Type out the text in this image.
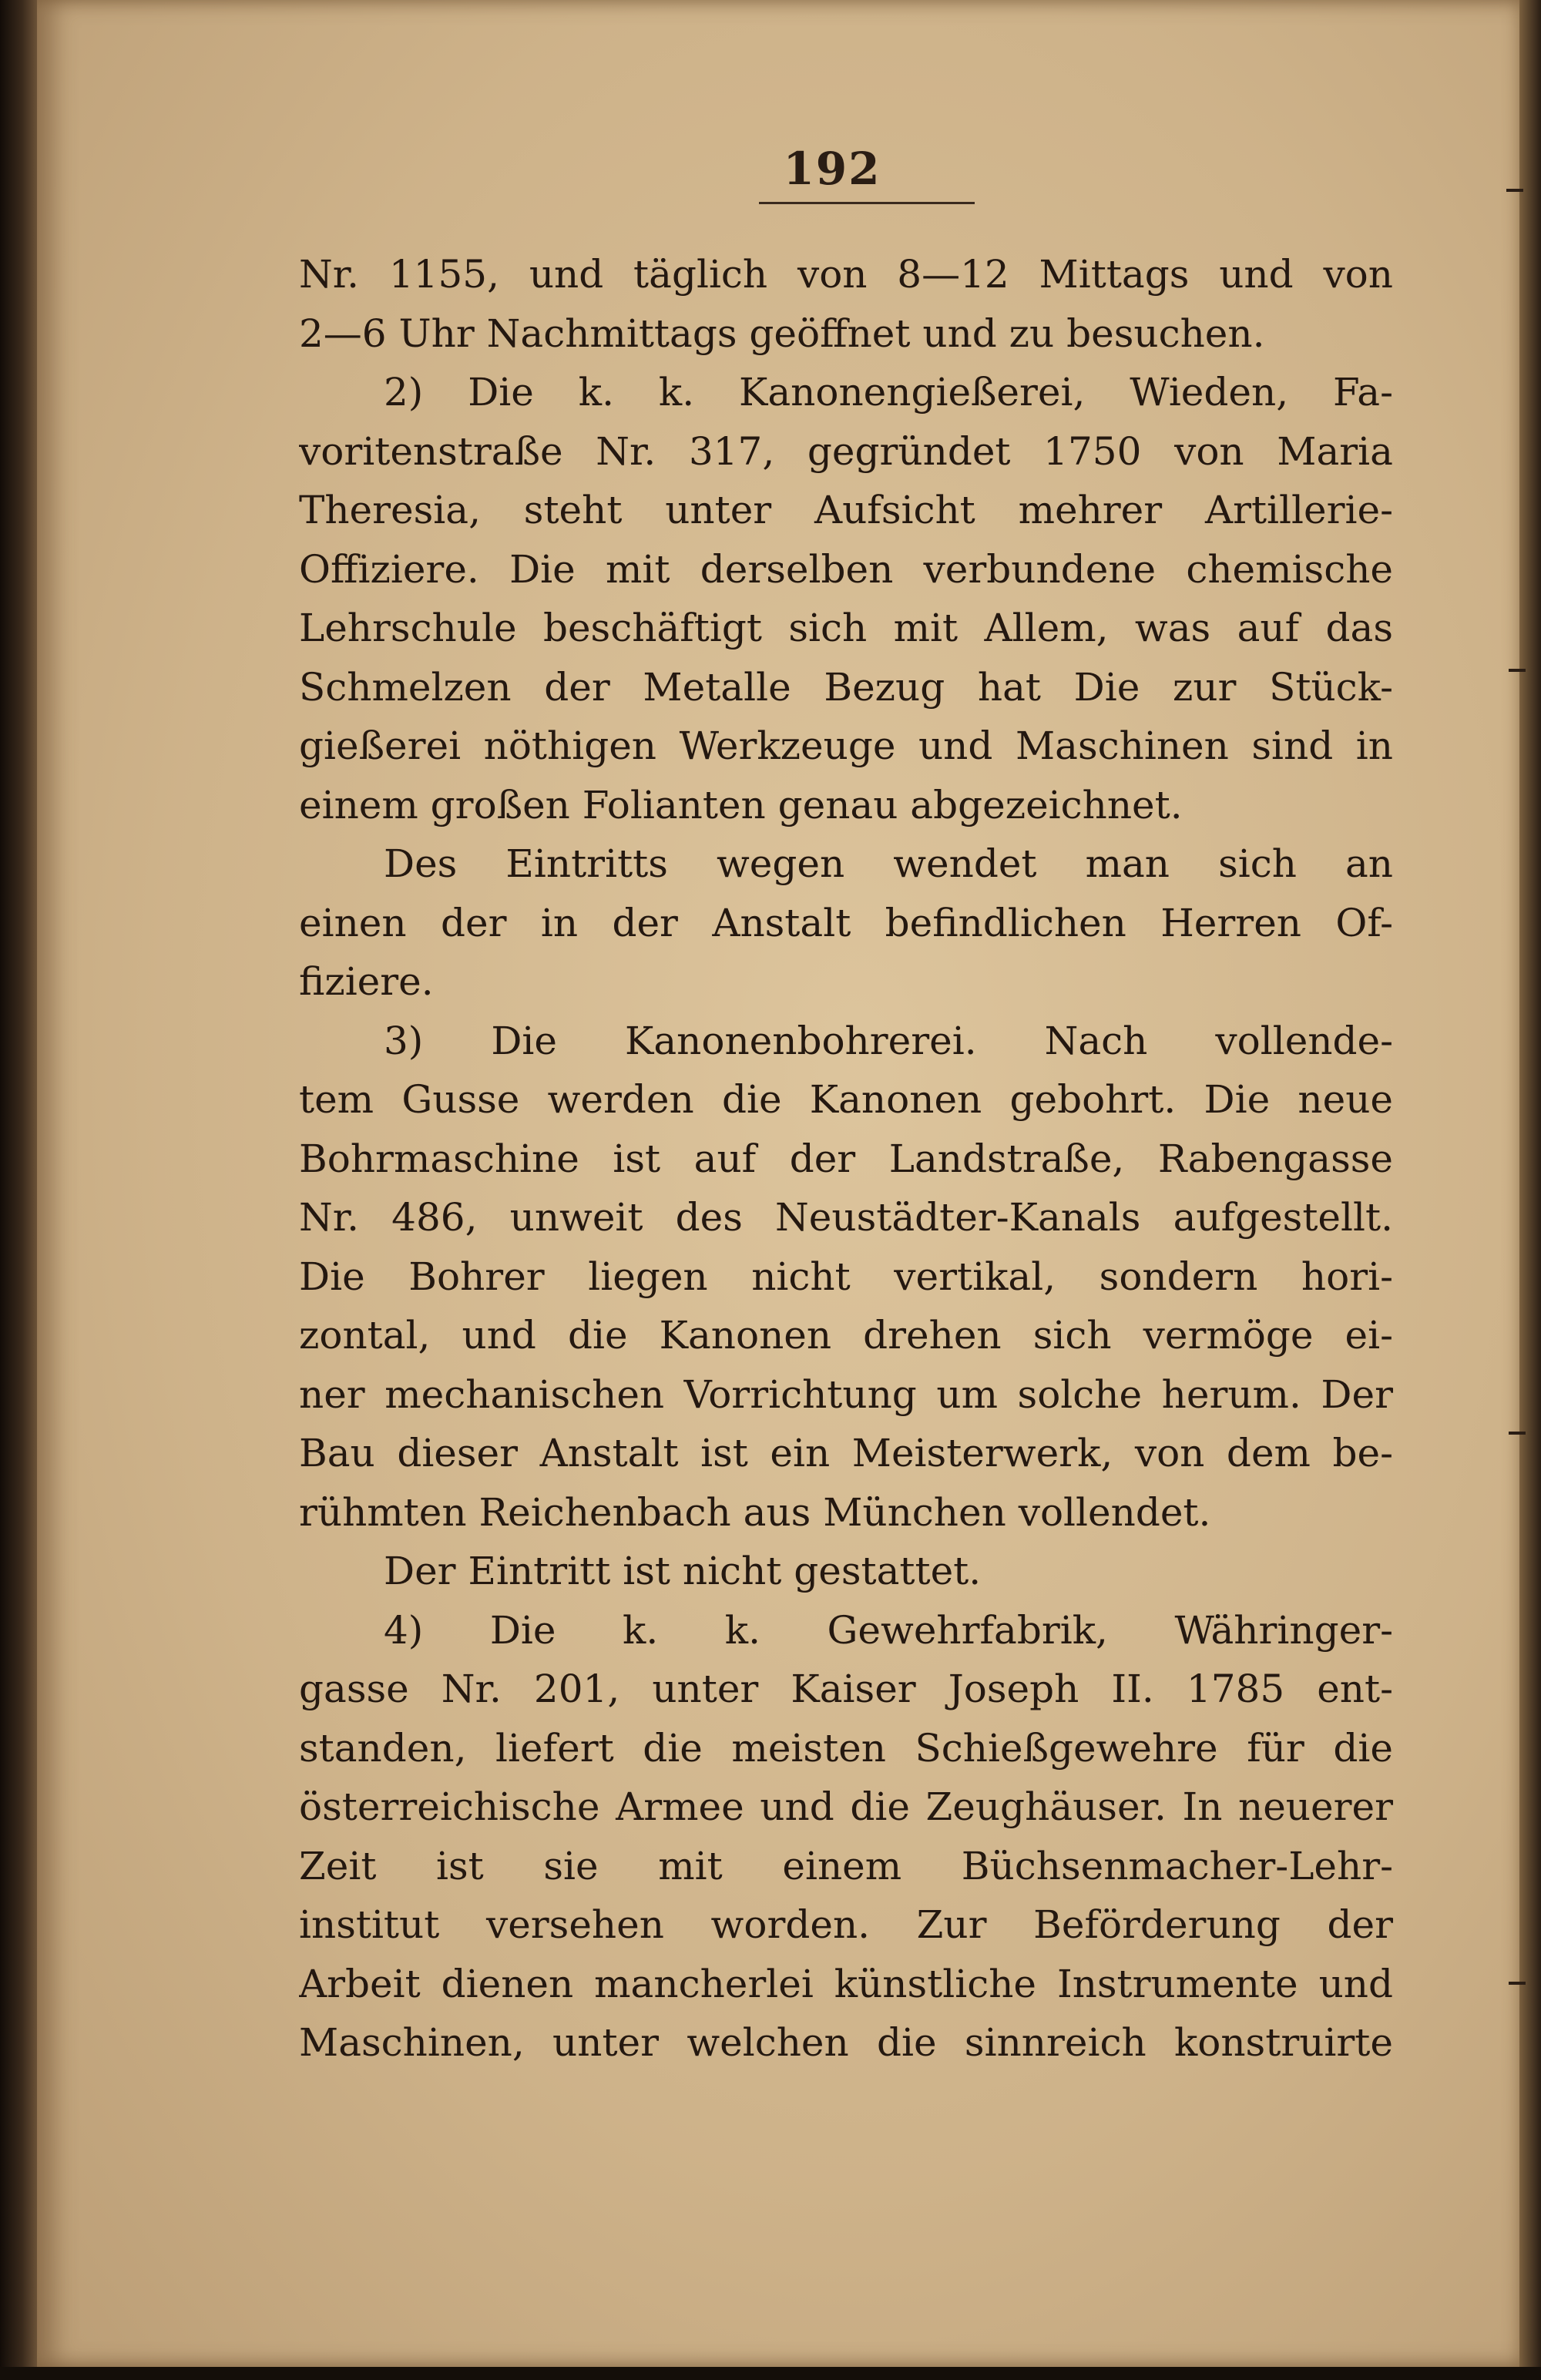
192
Nr. 1155, und täglich von 8—12 Mittags und von
2—6 Uhr Nachmittags geöffnet und zu besuchen.
2) Die k. k. Kanonengießerei, Wieden, Fa-
voritenstraße Nr. 317, gegründet 1750 von Maria
Theresia, steht unter Aufsicht mehrer Artillerie-
Offiziere. Die mit derselben verbundene chemische
Lehrschule beschäftigt sich mit Allem, was auf das
Schmelzen der Metalle Bezug hat Die zur Stück-
gießerei nöthigen Werkzeuge und Maschinen sind in
einem großen Folianten genau abgezeichnet.
Des Eintritts wegen wendet man sich an
einen der in der Anstalt befindlichen Herren Of-
fiziere.
3) Die Kanonenbohrerei. Nach vollende-
tem Gusse werden die Kanonen gebohrt. Die neue
Bohrmaschine ist auf der Landstraße, Rabengasse
Nr. 486, unweit des Neustädter-Kanals aufgestellt.
Die Bohrer liegen nicht vertikal, sondern hori-
zontal, und die Kanonen drehen sich vermöge ei-
ner mechanischen Vorrichtung um solche herum. Der
Bau dieser Anstalt ist ein Meisterwerk, von dem be-
rühmten Reichenbach aus München vollendet.
Der Eintritt ist nicht gestattet.
4) Die k. k. Gewehrfabrik, Währinger-
gasse Nr. 201, unter Kaiser Joseph II. 1785 ent-
standen, liefert die meisten Schießgewehre für die
österreichische Armee und die Zeughäuser. In neuerer
Zeit ist sie mit einem Büchsenmacher-Lehr-
institut versehen worden. Zur Beförderung der
Arbeit dienen mancherlei künstliche Instrumente und
Maschinen, unter welchen die sinnreich konstruirte
